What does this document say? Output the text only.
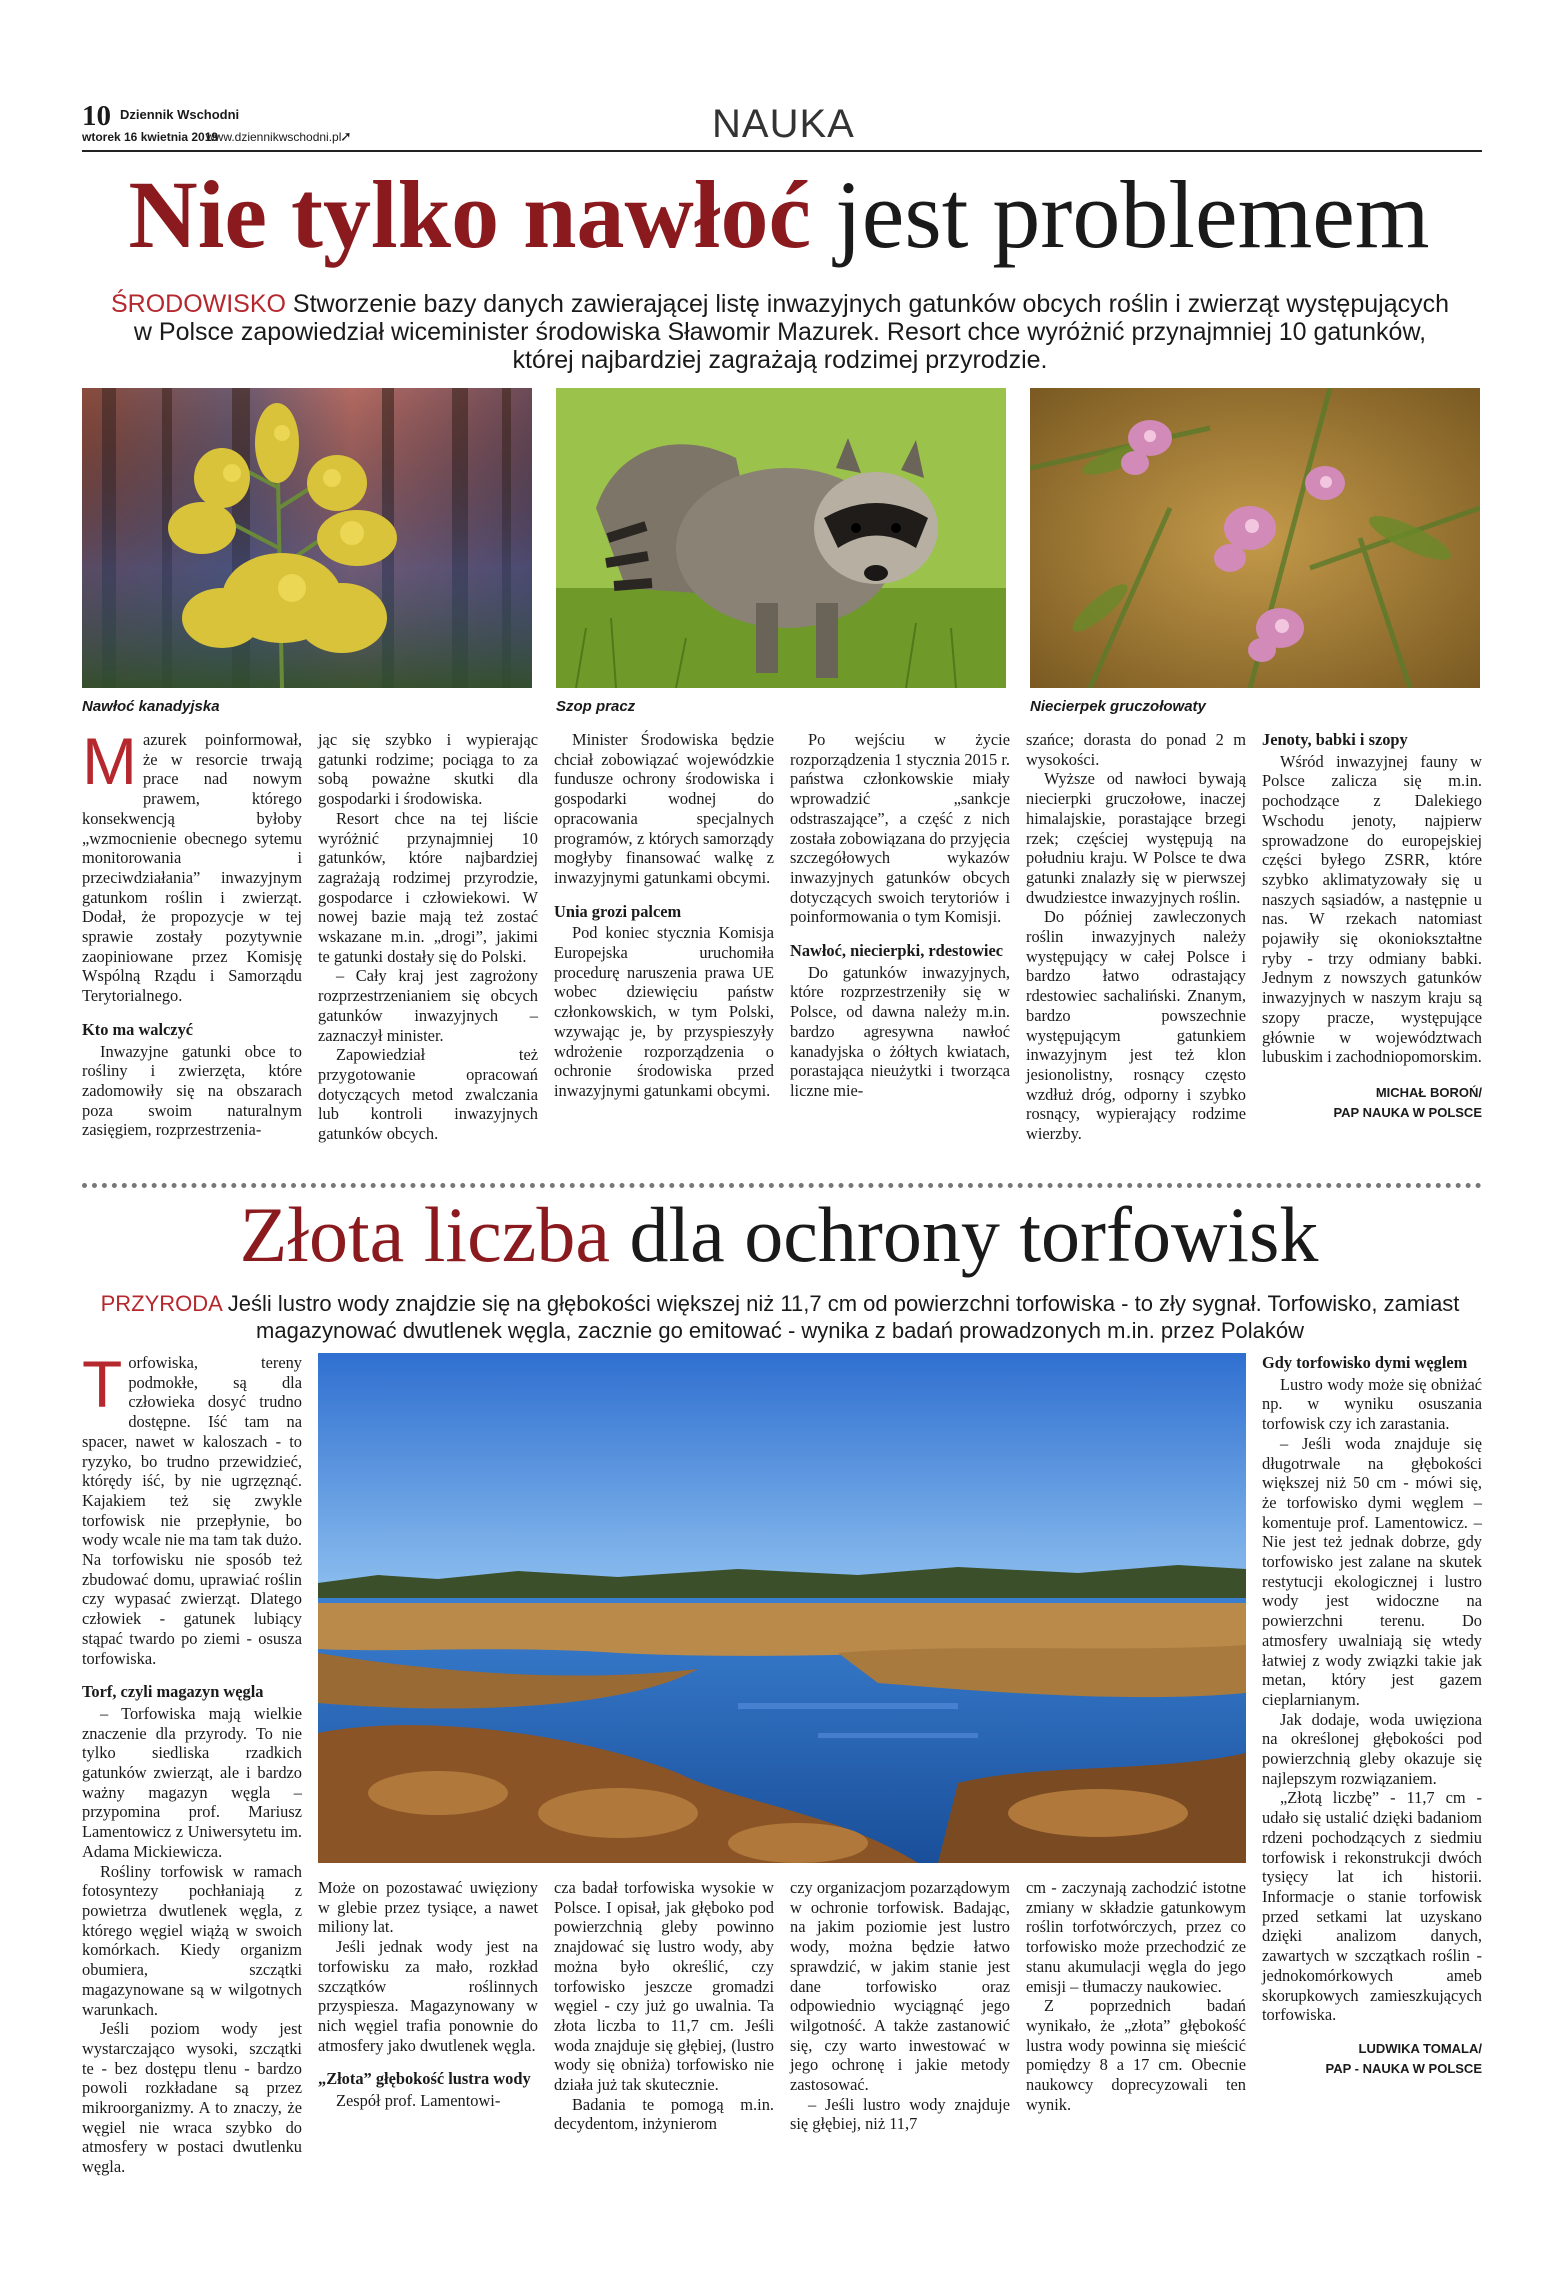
10 Dziennik Wschodni
wtorek 16 kwietnia 2019
www.dziennikwschodni.pl
➚	NAUKA
Nie tylko nawłoć jest problemem
ŚRODOWISKO Stworzenie bazy danych zawierającej listę inwazyjnych gatunków obcych roślin i zwierząt występujących
w Polsce zapowiedział wiceminister środowiska Sławomir Mazurek. Resort chce wyróżnić przynajmniej 10 gatunków,
której najbardziej zagrażają rodzimej przyrodzie.
Nawłoć kanadyjska	Szop pracz	Niecierpek gruczołowaty

Mazurek poinformował, że w resorcie trwają prace nad nowym prawem, którego konsekwencją byłoby „wzmocnienie obecnego sytemu monitorowania i przeciwdziałania” inwazyjnym gatunkom roślin i zwierząt. Dodał, że propozycje w tej sprawie zostały pozytywnie zaopiniowane przez Komisję Wspólną Rządu i Samorządu Terytorialnego.

Kto ma walczyć

Inwazyjne gatunki obce to rośliny i zwierzęta, które zadomowiły się na obszarach poza swoim naturalnym zasięgiem, rozprzestrzenia-

jąc się szybko i wypierając gatunki rodzime; pociąga to za sobą poważne skutki dla gospodarki i środowiska.

Resort chce na tej liście wyróżnić przynajmniej 10 gatunków, które najbardziej zagrażają rodzimej przyrodzie, gospodarce i człowiekowi. W nowej bazie mają też zostać wskazane m.in. „drogi”, jakimi te gatunki dostały się do Polski.

– Cały kraj jest zagrożony rozprzestrzenianiem się obcych gatunków inwazyjnych – zaznaczył minister.

Zapowiedział też przygotowanie opracowań dotyczących metod zwalczania lub kontroli inwazyjnych gatunków obcych.

Minister Środowiska będzie chciał zobowiązać wojewódzkie fundusze ochrony środowiska i gospodarki wodnej do opracowania specjalnych programów, z których samorządy mogłyby finansować walkę z inwazyjnymi gatunkami obcymi.

Unia grozi palcem

Pod koniec stycznia Komisja Europejska uruchomiła procedurę naruszenia prawa UE wobec dziewięciu państw członkowskich, w tym Polski, wzywając je, by przyspieszyły wdrożenie rozporządzenia o ochronie środowiska przed inwazyjnymi gatunkami obcymi.

Po wejściu w życie rozporządzenia 1 stycznia 2015 r. państwa członkowskie miały wprowadzić „sankcje odstraszające”, a część z nich została zobowiązana do przyjęcia szczegółowych wykazów inwazyjnych gatunków obcych dotyczących swoich terytoriów i poinformowania o tym Komisji.

Nawłoć, niecierpki, rdestowiec

Do gatunków inwazyjnych, które rozprzestrzeniły się w Polsce, od dawna należy m.in. bardzo agresywna nawłoć kanadyjska o żółtych kwiatach, porastająca nieużytki i tworząca liczne mie-

szańce; dorasta do ponad 2 m wysokości.

Wyższe od nawłoci bywają niecierpki gruczołowe, inaczej himalajskie, porastające brzegi rzek; częściej występują na południu kraju. W Polsce te dwa gatunki znalazły się w pierwszej dwudziestce inwazyjnych roślin.

Do później zawleczonych roślin inwazyjnych należy występujący w całej Polsce i bardzo łatwo odrastający rdestowiec sachaliński. Znanym, bardzo powszechnie występującym gatunkiem inwazyjnym jest też klon jesionolistny, rosnący często wzdłuż dróg, odporny i szybko rosnący, wypierający rodzime wierzby.

Jenoty, babki i szopy

Wśród inwazyjnej fauny w Polsce zalicza się m.in. pochodzące z Dalekiego Wschodu jenoty, najpierw sprowadzone do europejskiej części byłego ZSRR, które szybko aklimatyzowały się u naszych sąsiadów, a następnie u nas. W rzekach natomiast pojawiły się okoniokształtne ryby - trzy odmiany babki. Jednym z nowszych gatunków inwazyjnych w naszym kraju są szopy pracze, występujące głównie w województwach lubuskim i zachodniopomorskim.

MICHAŁ BOROŃ/
PAP NAUKA W POLSCE
Złota liczba dla ochrony torfowisk
PRZYRODA Jeśli lustro wody znajdzie się na głębokości większej niż 11,7 cm od powierzchni torfowiska - to zły sygnał. Torfowisko, zamiast
magazynować dwutlenek węgla, zacznie go emitować - wynika z badań prowadzonych m.in. przez Polaków

Torfowiska, tereny podmokłe, są dla człowieka dosyć trudno dostępne. Iść tam na spacer, nawet w kaloszach - to ryzyko, bo trudno przewidzieć, którędy iść, by nie ugrzęznąć. Kajakiem też się zwykle torfowisk nie przepłynie, bo wody wcale nie ma tam tak dużo. Na torfowisku nie sposób też zbudować domu, uprawiać roślin czy wypasać zwierząt. Dlatego człowiek - gatunek lubiący stąpać twardo po ziemi - osusza torfowiska.

Torf, czyli magazyn węgla

– Torfowiska mają wielkie znaczenie dla przyrody. To nie tylko siedliska rzadkich gatunków zwierząt, ale i bardzo ważny magazyn węgla – przypomina prof. Mariusz Lamentowicz z Uniwersytetu im. Adama Mickiewicza.

Rośliny torfowisk w ramach fotosyntezy pochłaniają z powietrza dwutlenek węgla, z którego węgiel wiążą w swoich komórkach. Kiedy organizm obumiera, szczątki magazynowane są w wilgotnych warunkach.

Jeśli poziom wody jest wystarczająco wysoki, szczątki te - bez dostępu tlenu - bardzo powoli rozkładane są przez mikroorganizmy. A to znaczy, że węgiel nie wraca szybko do atmosfery w postaci dwutlenku węgla.

Może on pozostawać uwięziony w glebie przez tysiące, a nawet miliony lat.

Jeśli jednak wody jest na torfowisku za mało, rozkład szczątków roślinnych przyspiesza. Magazynowany w nich węgiel trafia ponownie do atmosfery jako dwutlenek węgla.

„Złota” głębokość lustra wody

Zespół prof. Lamentowi-

cza badał torfowiska wysokie w Polsce. I opisał, jak głęboko pod powierzchnią gleby powinno znajdować się lustro wody, aby można było określić, czy torfowisko jeszcze gromadzi węgiel - czy już go uwalnia. Ta złota liczba to 11,7 cm. Jeśli woda znajduje się głębiej, (lustro wody się obniża) torfowisko nie działa już tak skutecznie.

Badania te pomogą m.in. decydentom, inżynierom

czy organizacjom pozarządowym w ochronie torfowisk. Badając, na jakim poziomie jest lustro wody, można będzie łatwo sprawdzić, w jakim stanie jest dane torfowisko oraz odpowiednio wyciągnąć jego wilgotność. A także zastanowić się, czy warto inwestować w jego ochronę i jakie metody zastosować.

– Jeśli lustro wody znajduje się głębiej, niż 11,7

cm - zaczynają zachodzić istotne zmiany w składzie gatunkowym roślin torfotwórczych, przez co torfowisko może przechodzić ze stanu akumulacji węgla do jego emisji – tłumaczy naukowiec.

Z poprzednich badań wynikało, że „złota” głębokość lustra wody powinna się mieścić pomiędzy 8 a 17 cm. Obecnie naukowcy doprecyzowali ten wynik.

Gdy torfowisko dymi węglem

Lustro wody może się obniżać np. w wyniku osuszania torfowisk czy ich zarastania.

– Jeśli woda znajduje się długotrwale na głębokości większej niż 50 cm - mówi się, że torfowisko dymi węglem – komentuje prof. Lamentowicz. – Nie jest też jednak dobrze, gdy torfowisko jest zalane na skutek restytucji ekologicznej i lustro wody jest widoczne na powierzchni terenu. Do atmosfery uwalniają się wtedy łatwiej z wody związki takie jak metan, który jest gazem cieplarnianym.

Jak dodaje, woda uwięziona na określonej głębokości pod powierzchnią gleby okazuje się najlepszym rozwiązaniem.

„Złotą liczbę” - 11,7 cm - udało się ustalić dzięki badaniom rdzeni pochodzących z siedmiu torfowisk i rekonstrukcji dwóch tysięcy lat ich historii. Informacje o stanie torfowisk przed setkami lat uzyskano dzięki analizom danych, zawartych w szczątkach roślin - jednokomórkowych ameb skorupkowych zamieszkujących torfowiska.

LUDWIKA TOMALA/
PAP - NAUKA W POLSCE
